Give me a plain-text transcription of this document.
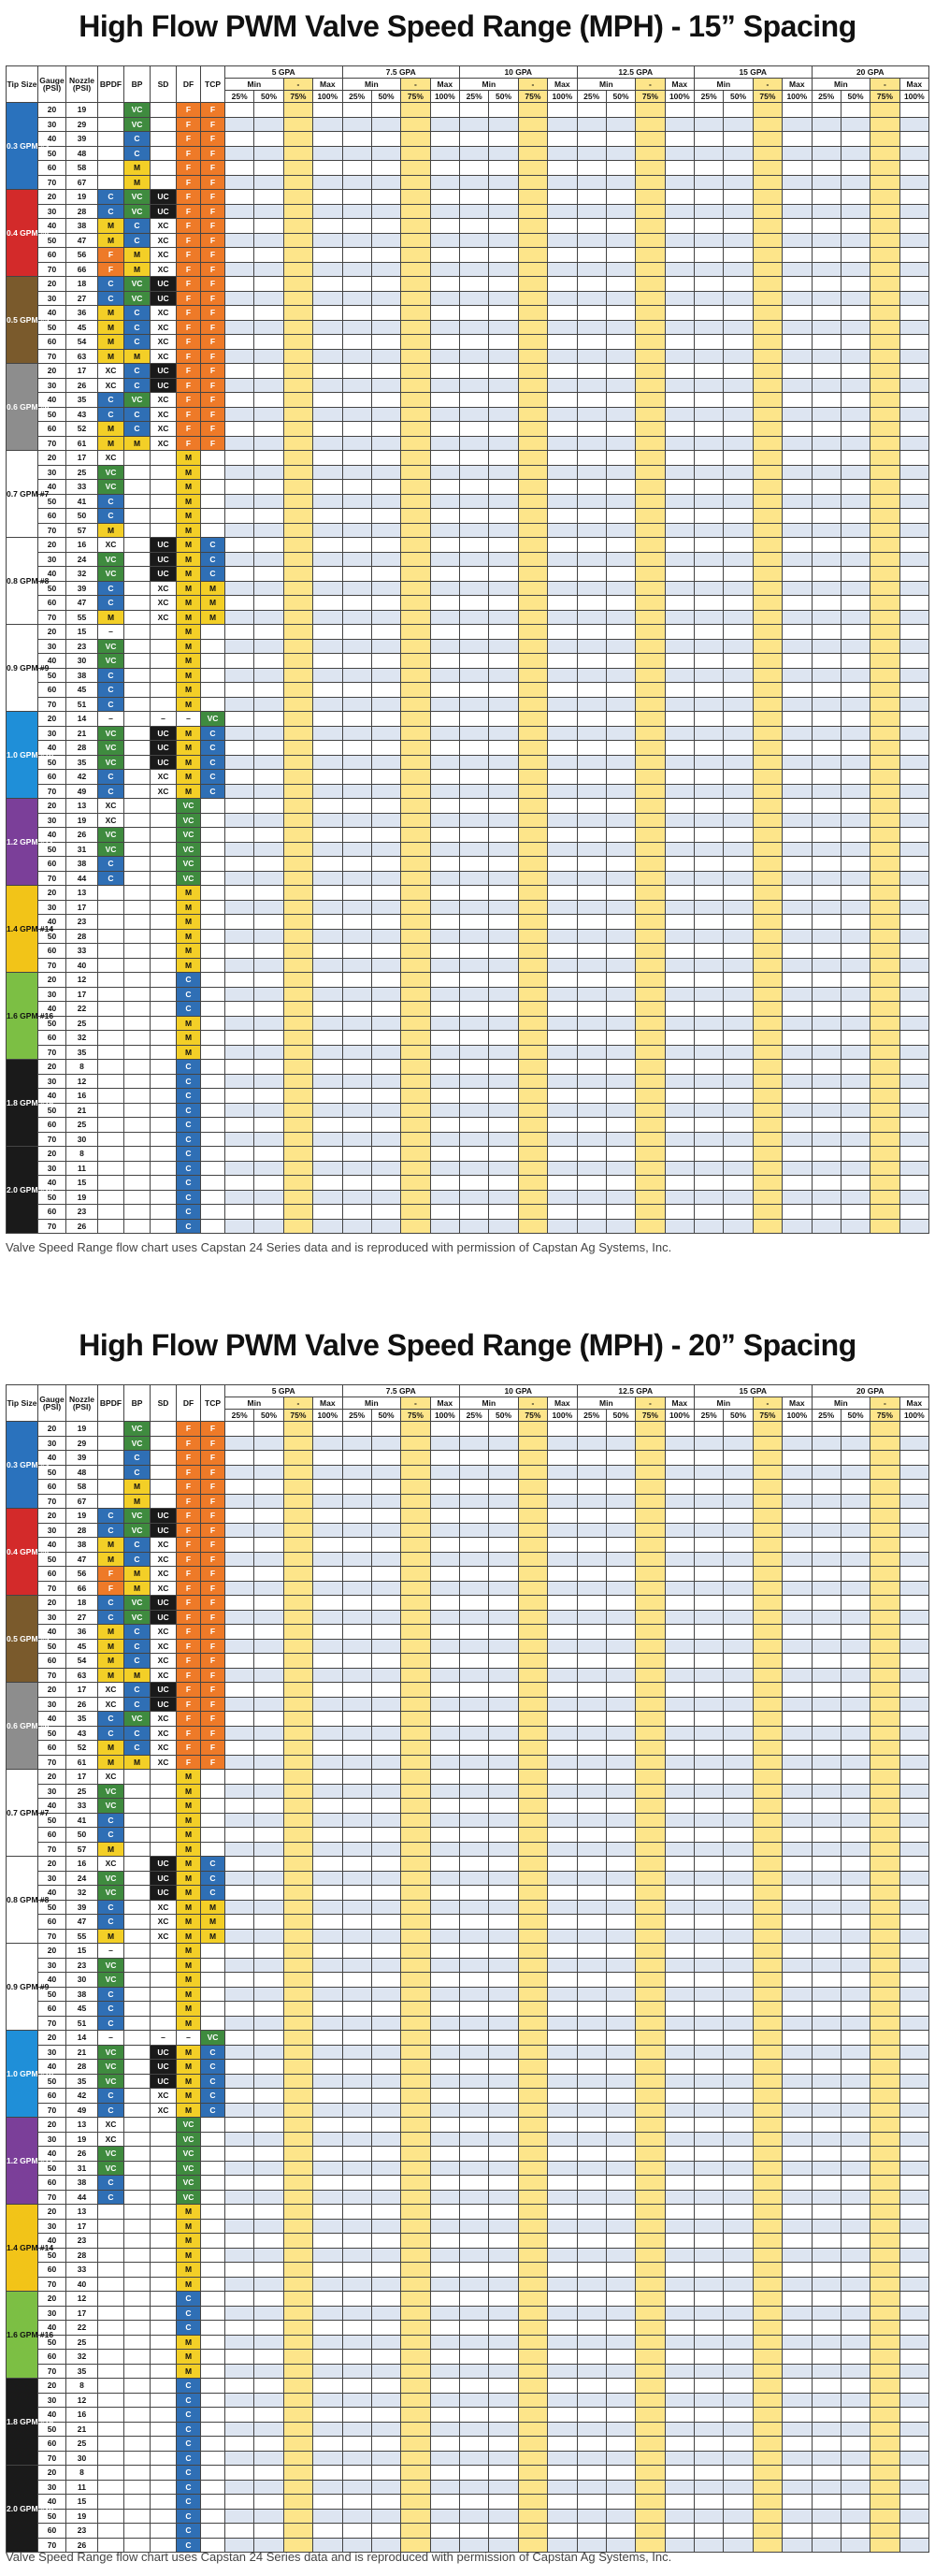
High Flow PWM Valve Speed Range (MPH) - 15” Spacing
Tip Size	Gauge (PSI)	Nozzle (PSI)	BPDF	BP	SD	DF	TCP	5 GPA				7.5 GPA				10 GPA				12.5 GPA				15 GPA				20 GPA			
								Min		-	Max	Min		-	Max	Min		-	Max	Min		-	Max	Min		-	Max	Min		-	Max
								25%	50%	75%	100%	25%	50%	75%	100%	25%	50%	75%	100%	25%	50%	75%	100%	25%	50%	75%	100%	25%	50%	75%	100%
0.3 GPM #3	20	19		VC		F	F																								
	30	29		VC		F	F																								
	40	39		C		F	F																								
	50	48		C		F	F																								
	60	58		M		F	F																								
	70	67		M		F	F																								
0.4 GPM #4	20	19	C	VC	UC	F	F																								
	30	28	C	VC	UC	F	F																								
	40	38	M	C	XC	F	F																								
	50	47	M	C	XC	F	F																								
	60	56	F	M	XC	F	F																								
	70	66	F	M	XC	F	F																								
0.5 GPM #5	20	18	C	VC	UC	F	F																								
	30	27	C	VC	UC	F	F																								
	40	36	M	C	XC	F	F																								
	50	45	M	C	XC	F	F																								
	60	54	M	C	XC	F	F																								
	70	63	M	M	XC	F	F																								
0.6 GPM #6	20	17	XC	C	UC	F	F																								
	30	26	XC	C	UC	F	F																								
	40	35	C	VC	XC	F	F																								
	50	43	C	C	XC	F	F																								
	60	52	M	C	XC	F	F																								
	70	61	M	M	XC	F	F																								
0.7 GPM #7	20	17	XC			M																									
	30	25	VC			M																									
	40	33	VC			M																									
	50	41	C			M																									
	60	50	C			M																									
	70	57	M			M																									
0.8 GPM #8	20	16	XC		UC	M	C																								
	30	24	VC		UC	M	C																								
	40	32	VC		UC	M	C																								
	50	39	C		XC	M	M																								
	60	47	C		XC	M	M																								
	70	55	M		XC	M	M																								
0.9 GPM #9	20	15	–			M																									
	30	23	VC			M																									
	40	30	VC			M																									
	50	38	C			M																									
	60	45	C			M																									
	70	51	C			M																									
1.0 GPM #10	20	14	–		–	–	VC																								
	30	21	VC		UC	M	C																								
	40	28	VC		UC	M	C																								
	50	35	VC		UC	M	C																								
	60	42	C		XC	M	C																								
	70	49	C		XC	M	C																								
1.2 GPM #12	20	13	XC			VC																									
	30	19	XC			VC																									
	40	26	VC			VC																									
	50	31	VC			VC																									
	60	38	C			VC																									
	70	44	C			VC																									
1.4 GPM #14	20	13				M																									
	30	17				M																									
	40	23				M																									
	50	28				M																									
	60	33				M																									
	70	40				M																									
1.6 GPM #16	20	12				C																									
	30	17				C																									
	40	22				C																									
	50	25				M																									
	60	32				M																									
	70	35				M																									
1.8 GPM #18	20	8				C																									
	30	12				C																									
	40	16				C																									
	50	21				C																									
	60	25				C																									
	70	30				C																									
2.0 GPM #20	20	8				C																									
	30	11				C																									
	40	15				C																									
	50	19				C																									
	60	23				C																									
	70	26				C																									
Valve Speed Range flow chart uses Capstan 24 Series data and is reproduced with permission of Capstan Ag Systems, Inc.
High Flow PWM Valve Speed Range (MPH) - 20” Spacing
Tip Size	Gauge (PSI)	Nozzle (PSI)	BPDF	BP	SD	DF	TCP	5 GPA				7.5 GPA				10 GPA				12.5 GPA				15 GPA				20 GPA			
								Min		-	Max	Min		-	Max	Min		-	Max	Min		-	Max	Min		-	Max	Min		-	Max
								25%	50%	75%	100%	25%	50%	75%	100%	25%	50%	75%	100%	25%	50%	75%	100%	25%	50%	75%	100%	25%	50%	75%	100%
0.3 GPM #3	20	19		VC		F	F																								
	30	29		VC		F	F																								
	40	39		C		F	F																								
	50	48		C		F	F																								
	60	58		M		F	F																								
	70	67		M		F	F																								
0.4 GPM #4	20	19	C	VC	UC	F	F																								
	30	28	C	VC	UC	F	F																								
	40	38	M	C	XC	F	F																								
	50	47	M	C	XC	F	F																								
	60	56	F	M	XC	F	F																								
	70	66	F	M	XC	F	F																								
0.5 GPM #5	20	18	C	VC	UC	F	F																								
	30	27	C	VC	UC	F	F																								
	40	36	M	C	XC	F	F																								
	50	45	M	C	XC	F	F																								
	60	54	M	C	XC	F	F																								
	70	63	M	M	XC	F	F																								
0.6 GPM #6	20	17	XC	C	UC	F	F																								
	30	26	XC	C	UC	F	F																								
	40	35	C	VC	XC	F	F																								
	50	43	C	C	XC	F	F																								
	60	52	M	C	XC	F	F																								
	70	61	M	M	XC	F	F																								
0.7 GPM #7	20	17	XC			M																									
	30	25	VC			M																									
	40	33	VC			M																									
	50	41	C			M																									
	60	50	C			M																									
	70	57	M			M																									
0.8 GPM #8	20	16	XC		UC	M	C																								
	30	24	VC		UC	M	C																								
	40	32	VC		UC	M	C																								
	50	39	C		XC	M	M																								
	60	47	C		XC	M	M																								
	70	55	M		XC	M	M																								
0.9 GPM #9	20	15	–			M																									
	30	23	VC			M																									
	40	30	VC			M																									
	50	38	C			M																									
	60	45	C			M																									
	70	51	C			M																									
1.0 GPM #10	20	14	–		–	–	VC																								
	30	21	VC		UC	M	C																								
	40	28	VC		UC	M	C																								
	50	35	VC		UC	M	C																								
	60	42	C		XC	M	C																								
	70	49	C		XC	M	C																								
1.2 GPM #12	20	13	XC			VC																									
	30	19	XC			VC																									
	40	26	VC			VC																									
	50	31	VC			VC																									
	60	38	C			VC																									
	70	44	C			VC																									
1.4 GPM #14	20	13				M																									
	30	17				M																									
	40	23				M																									
	50	28				M																									
	60	33				M																									
	70	40				M																									
1.6 GPM #16	20	12				C																									
	30	17				C																									
	40	22				C																									
	50	25				M																									
	60	32				M																									
	70	35				M																									
1.8 GPM #18	20	8				C																									
	30	12				C																									
	40	16				C																									
	50	21				C																									
	60	25				C																									
	70	30				C																									
2.0 GPM #20	20	8				C																									
	30	11				C																									
	40	15				C																									
	50	19				C																									
	60	23				C																									
	70	26				C																									
Valve Speed Range flow chart uses Capstan 24 Series data and is reproduced with permission of Capstan Ag Systems, Inc.
